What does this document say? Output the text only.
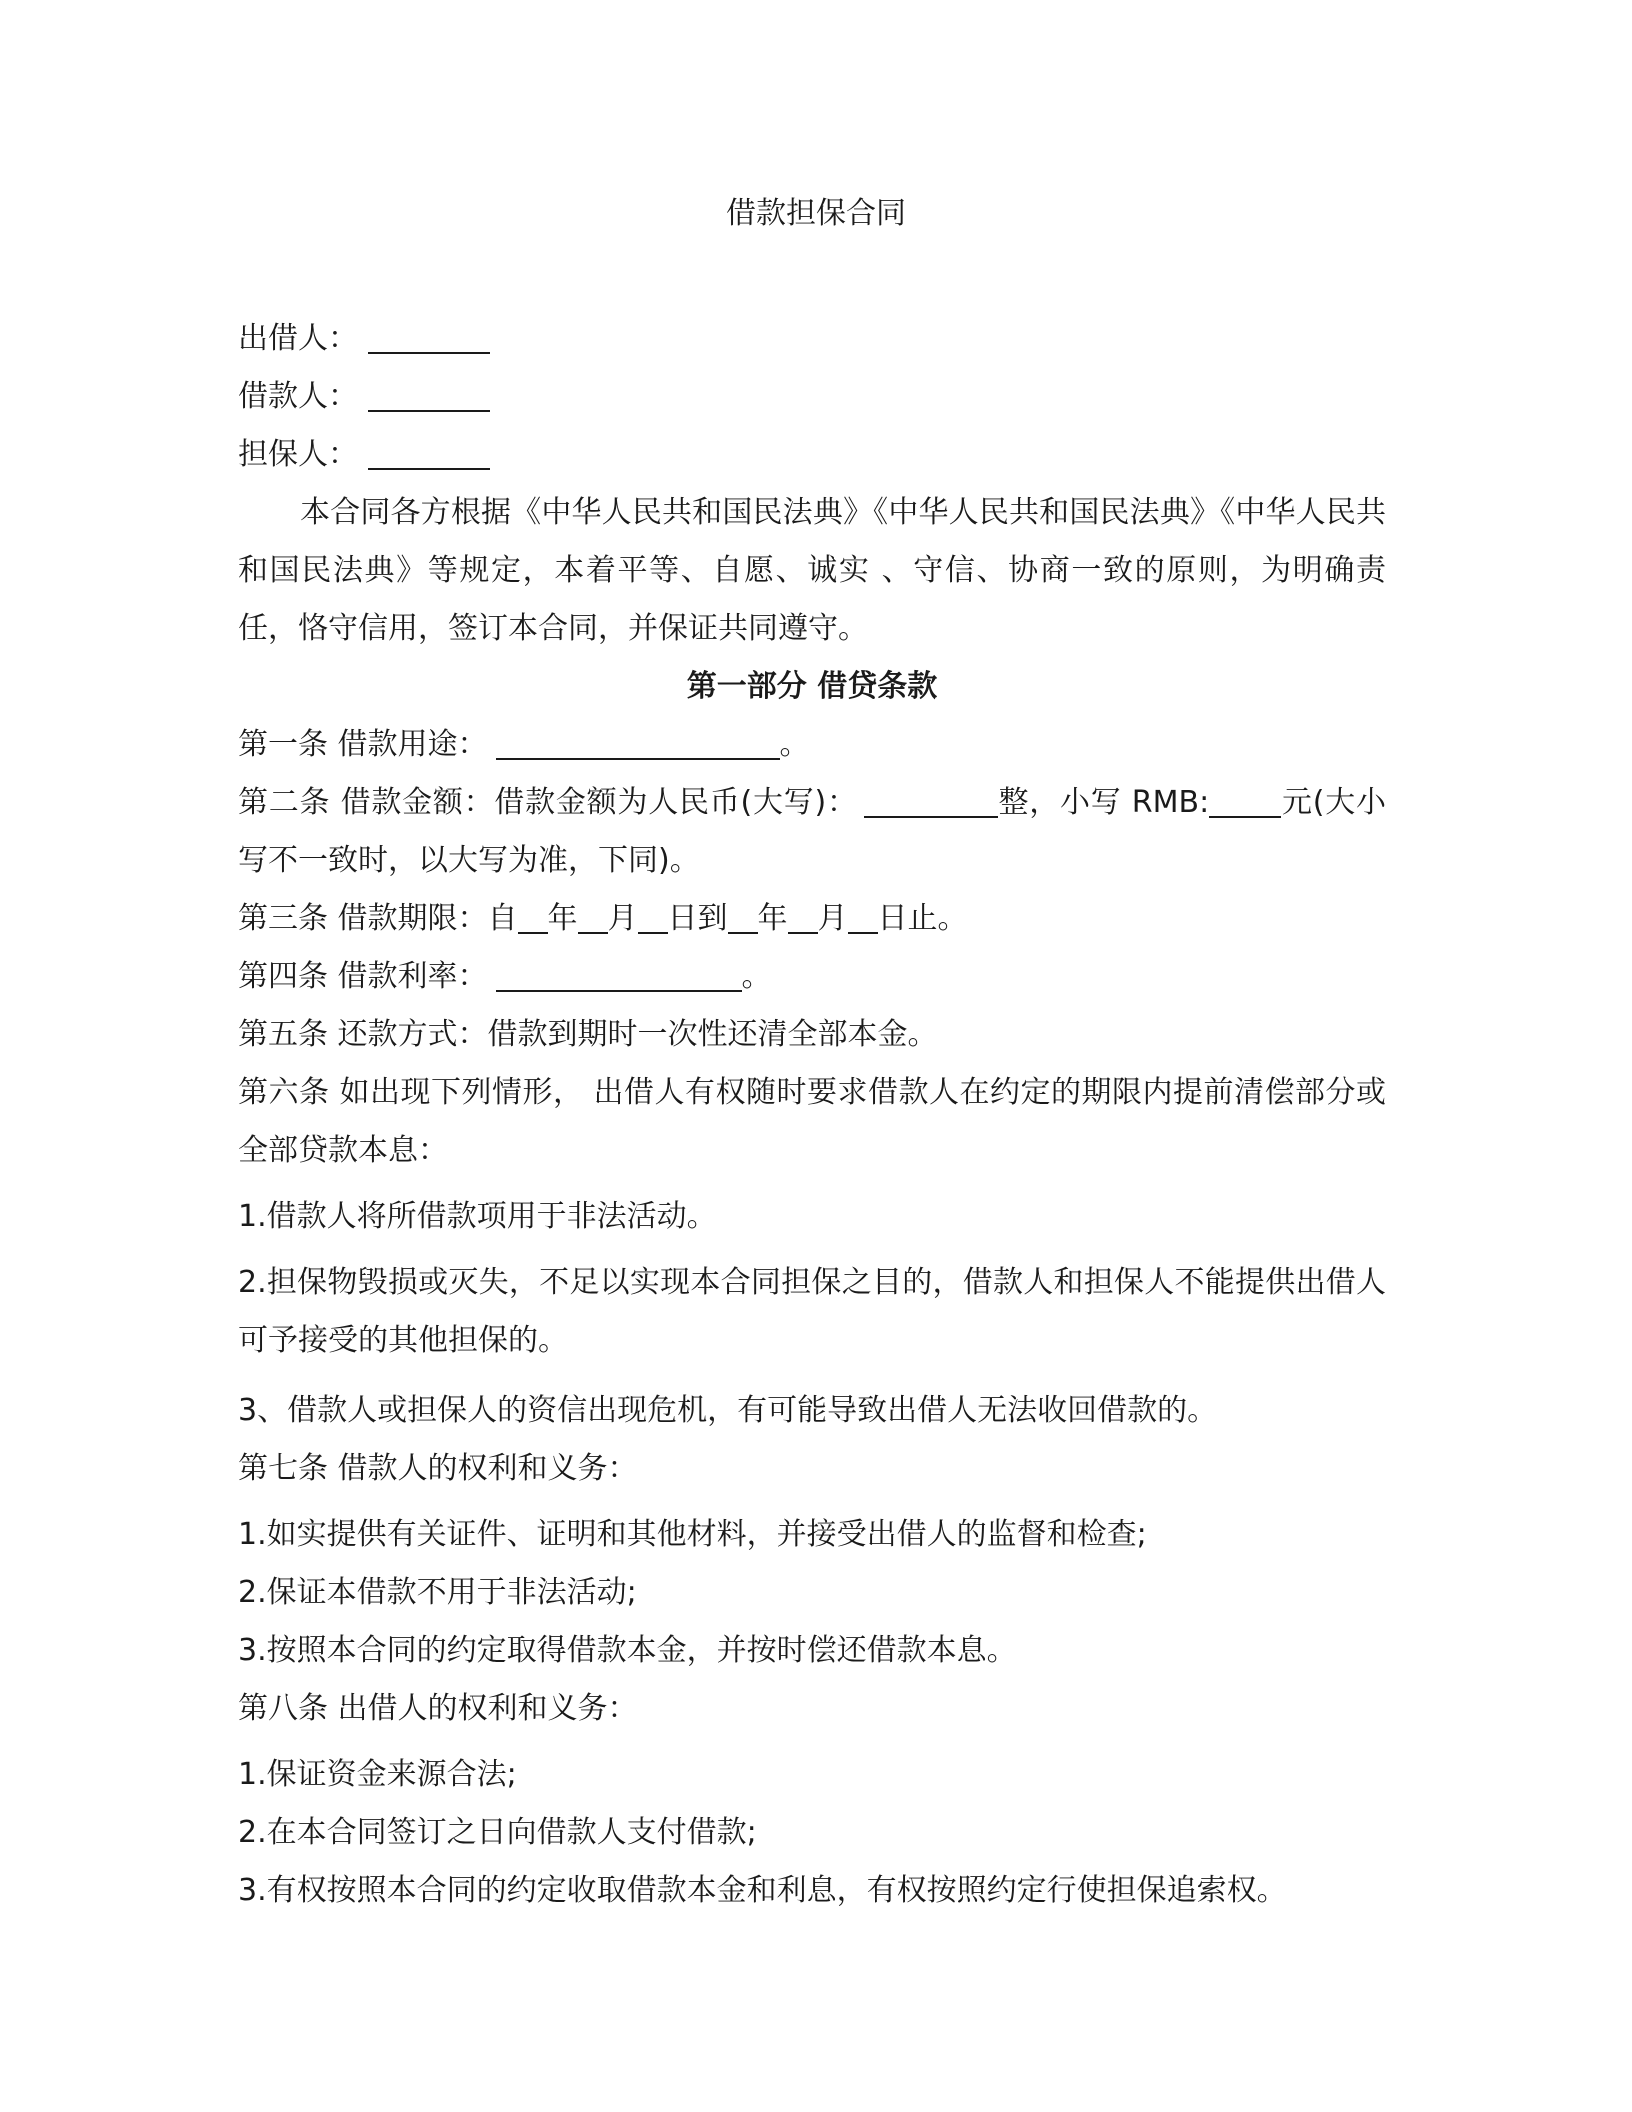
借款担保合同
出借人：
借款人：
担保人：
本合同各方根据《中华人民共和国民法典》《中华人民共和国民法典》《中华人民共和国民法典》等规定，本着平等、自愿、诚实 、守信、协商一致的原则，为明确责任，恪守信用，签订本合同，并保证共同遵守。
第一部分 借贷条款
第一条 借款用途：	。
第二条 借款金额：借款金额为人民币(大写)：	整，小写 RMB: 元(大小写不一致时，以大写为准，下同)。
第三条 借款期限：自 年 月 日到 年 月 日止。
第四条 借款利率：	。
第五条 还款方式：借款到期时一次性还清全部本金。
第六条 如出现下列情形， 出借人有权随时要求借款人在约定的期限内提前清偿部分或全部贷款本息：
1.借款人将所借款项用于非法活动。
2.担保物毁损或灭失，不足以实现本合同担保之目的，借款人和担保人不能提供出借人可予接受的其他担保的。
3、借款人或担保人的资信出现危机，有可能导致出借人无法收回借款的。
第七条 借款人的权利和义务：
1.如实提供有关证件、证明和其他材料，并接受出借人的监督和检查;
2.保证本借款不用于非法活动;
3.按照本合同的约定取得借款本金，并按时偿还借款本息。
第八条 出借人的权利和义务：
1.保证资金来源合法;
2.在本合同签订之日向借款人支付借款;
3.有权按照本合同的约定收取借款本金和利息，有权按照约定行使担保追索权。
